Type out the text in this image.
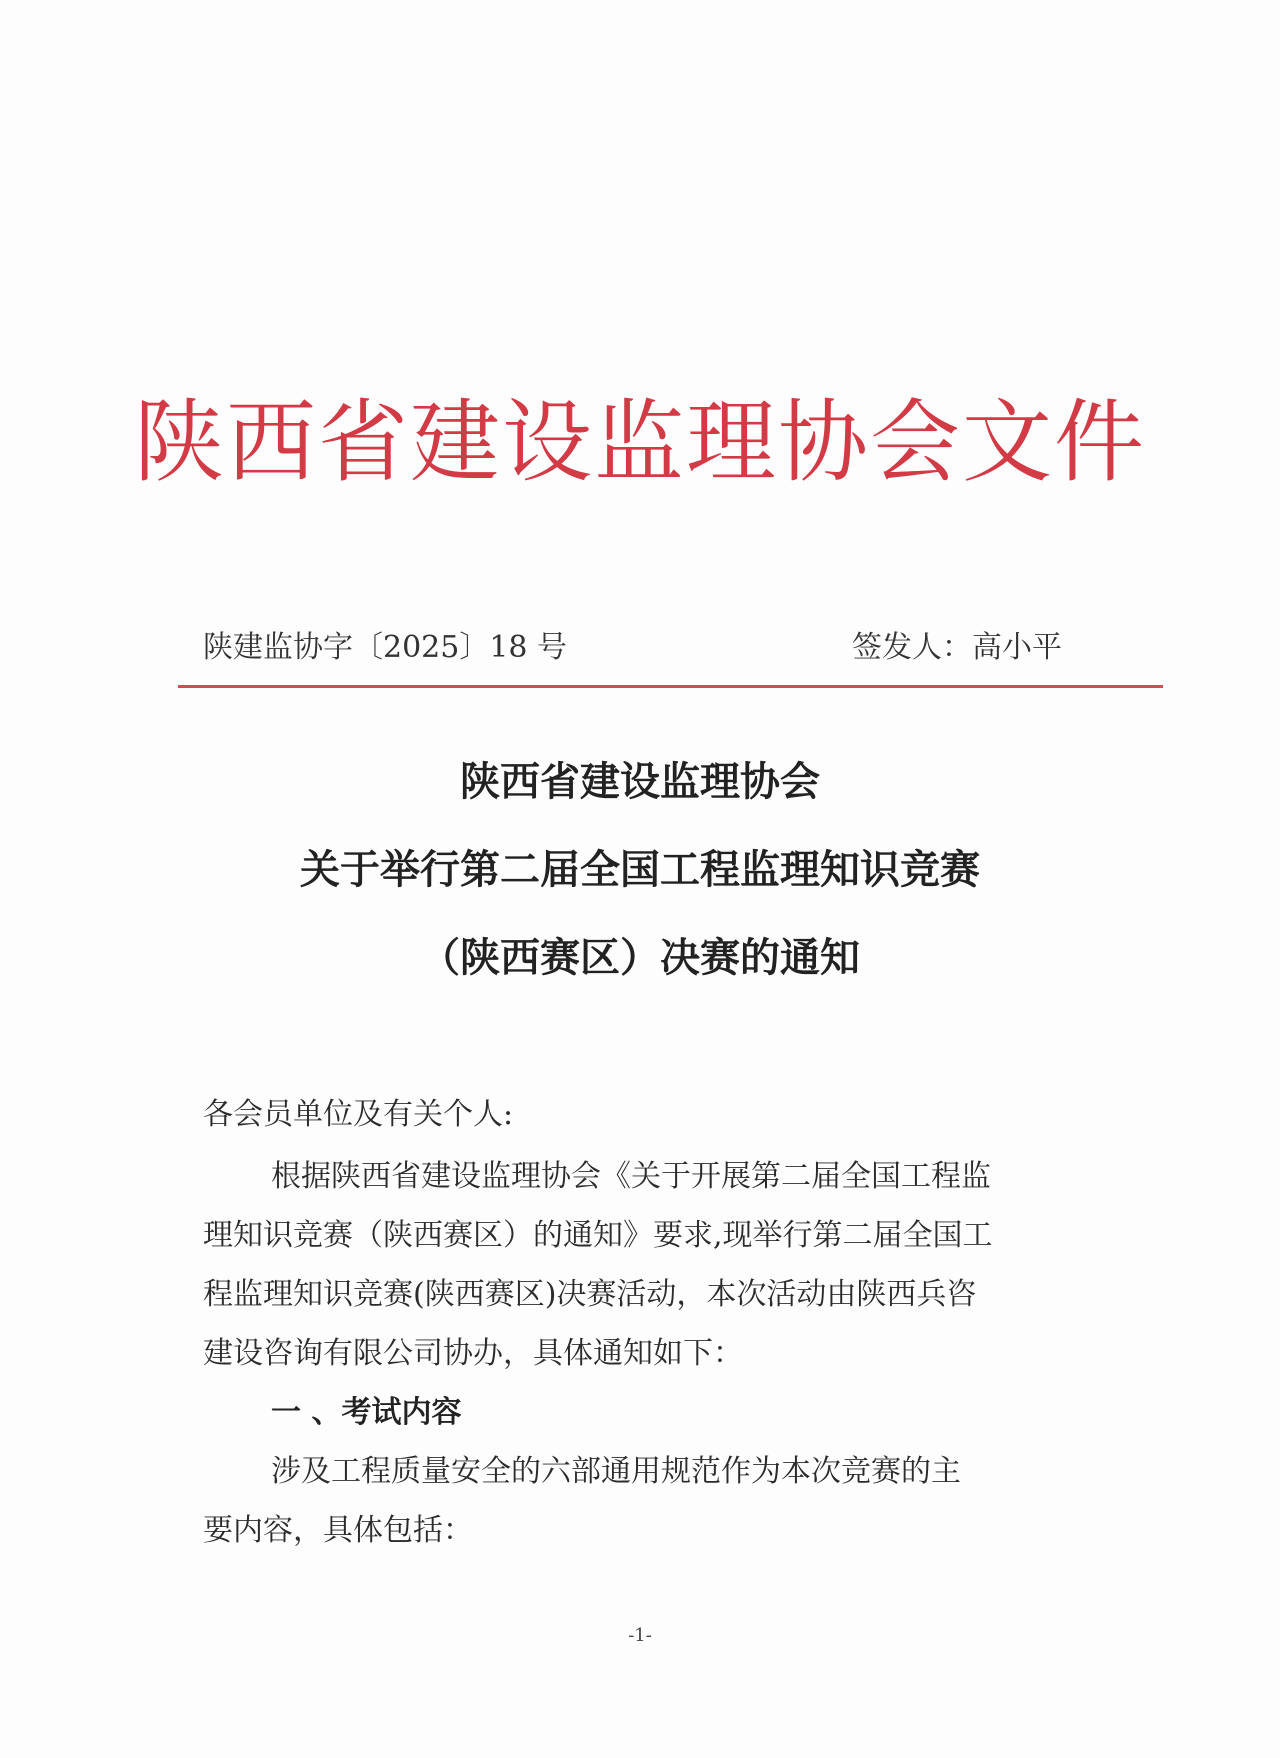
陕西省建设监理协会文件
陕建监协字〔2025〕18 号	签发人：高小平
陕西省建设监理协会
关于举行第二届全国工程监理知识竞赛
（陕西赛区）决赛的通知
各会员单位及有关个人:
根据陕西省建设监理协会《关于开展第二届全国工程监
理知识竞赛（陕西赛区）的通知》要求,现举行第二届全国工
程监理知识竞赛(陕西赛区)决赛活动，本次活动由陕西兵咨
建设咨询有限公司协办，具体通知如下：
一 、考试内容
涉及工程质量安全的六部通用规范作为本次竞赛的主
要内容，具体包括：
-1-
